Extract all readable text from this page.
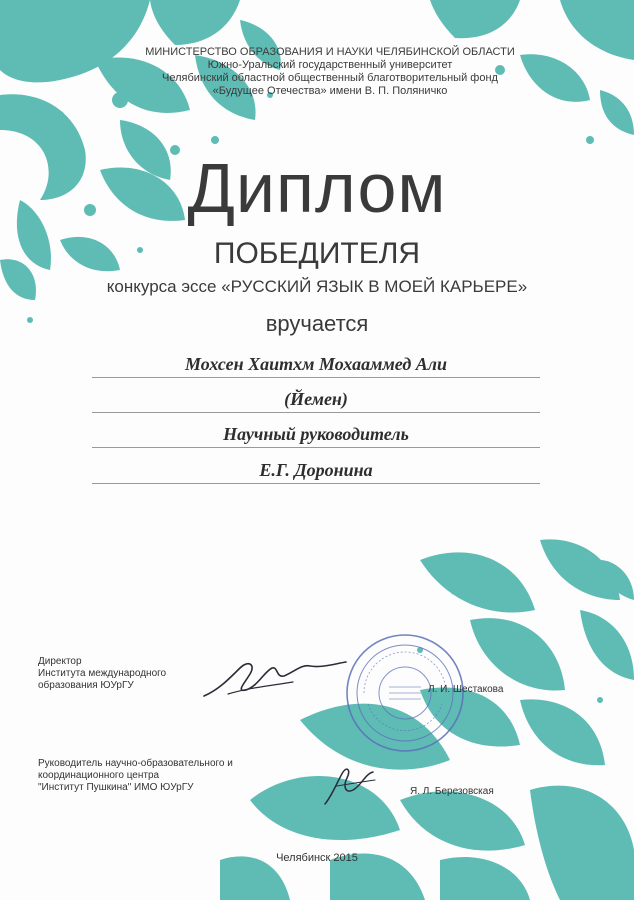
МИНИСТЕРСТВО ОБРАЗОВАНИЯ И НАУКИ ЧЕЛЯБИНСКОЙ ОБЛАСТИ
Южно-Уральский государственный университет
Челябинский областной общественный благотворительный фонд
«Будущее Отечества» имени В. П. Поляничко
Диплом
ПОБЕДИТЕЛЯ
конкурса эссе «РУССКИЙ ЯЗЫК В МОЕЙ КАРЬЕРЕ»
вручается
Мохсен Хаитхм Мохааммед Али
(Йемен)
Научный руководитель
Е.Г. Доронина
Директор
Института международного
образования ЮУрГУ	Л. И. Шестакова
Руководитель научно-образовательного и
координационного центра
"Институт Пушкина" ИМО ЮУрГУ	Я. Л. Березовская
Челябинск 2015
